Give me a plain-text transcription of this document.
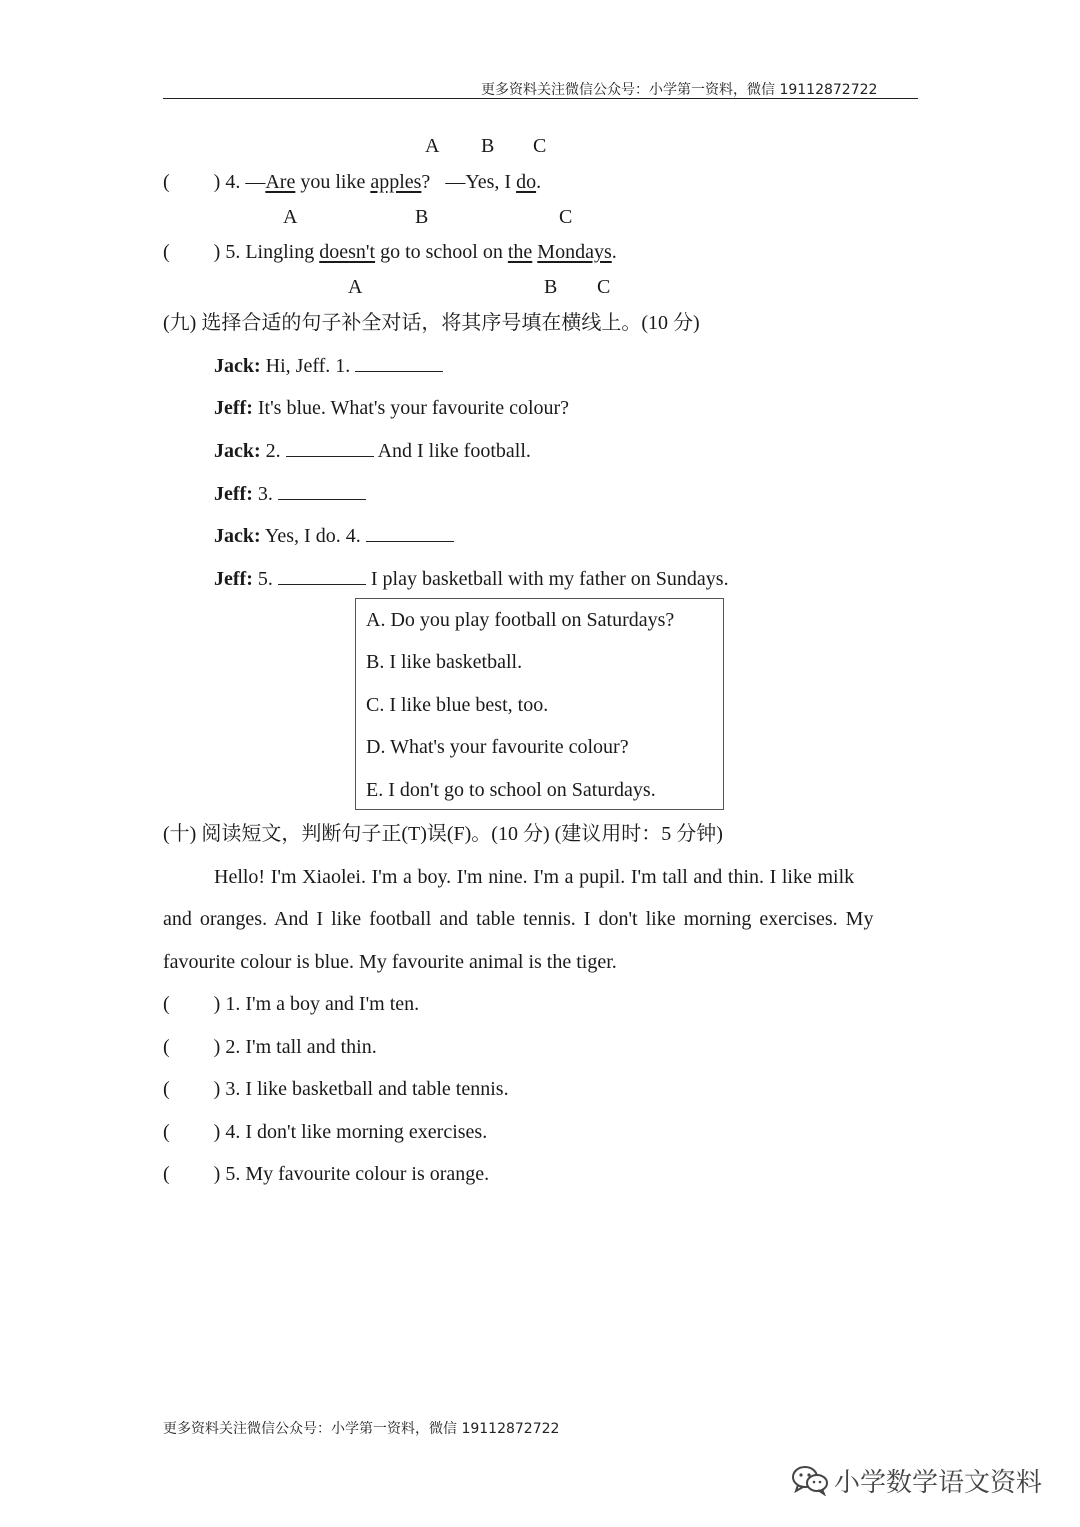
更多资料关注微信公众号：小学第一资料，微信 19112872722
A B C
( ) 4. —Are you like apples? —Yes, I do.
A	B	C
( ) 5. Lingling doesn't go to school on the Mondays.
A	B C
(九) 选择合适的句子补全对话，将其序号填在横线上。(10 分)
Jack: Hi, Jeff. 1.
Jeff: It's blue. What's your favourite colour?
Jack: 2.	And I like football.
Jeff: 3.
Jack: Yes, I do. 4.
Jeff: 5.	I play basketball with my father on Sundays.
A. Do you play football on Saturdays?
B. I like basketball.
C. I like blue best, too.
D. What's your favourite colour?
E. I don't go to school on Saturdays.
(十) 阅读短文，判断句子正(T)误(F)。(10 分) (建议用时：5 分钟)
Hello! I'm Xiaolei. I'm a boy. I'm nine. I'm a pupil. I'm tall and thin. I like milk
and oranges. And I like football and table tennis. I don't like morning exercises. My
favourite colour is blue. My favourite animal is the tiger.
( ) 1. I'm a boy and I'm ten.
( ) 2. I'm tall and thin.
( ) 3. I like basketball and table tennis.
( ) 4. I don't like morning exercises.
( ) 5. My favourite colour is orange.
更多资料关注微信公众号：小学第一资料，微信 19112872722
小学数学语文资料
